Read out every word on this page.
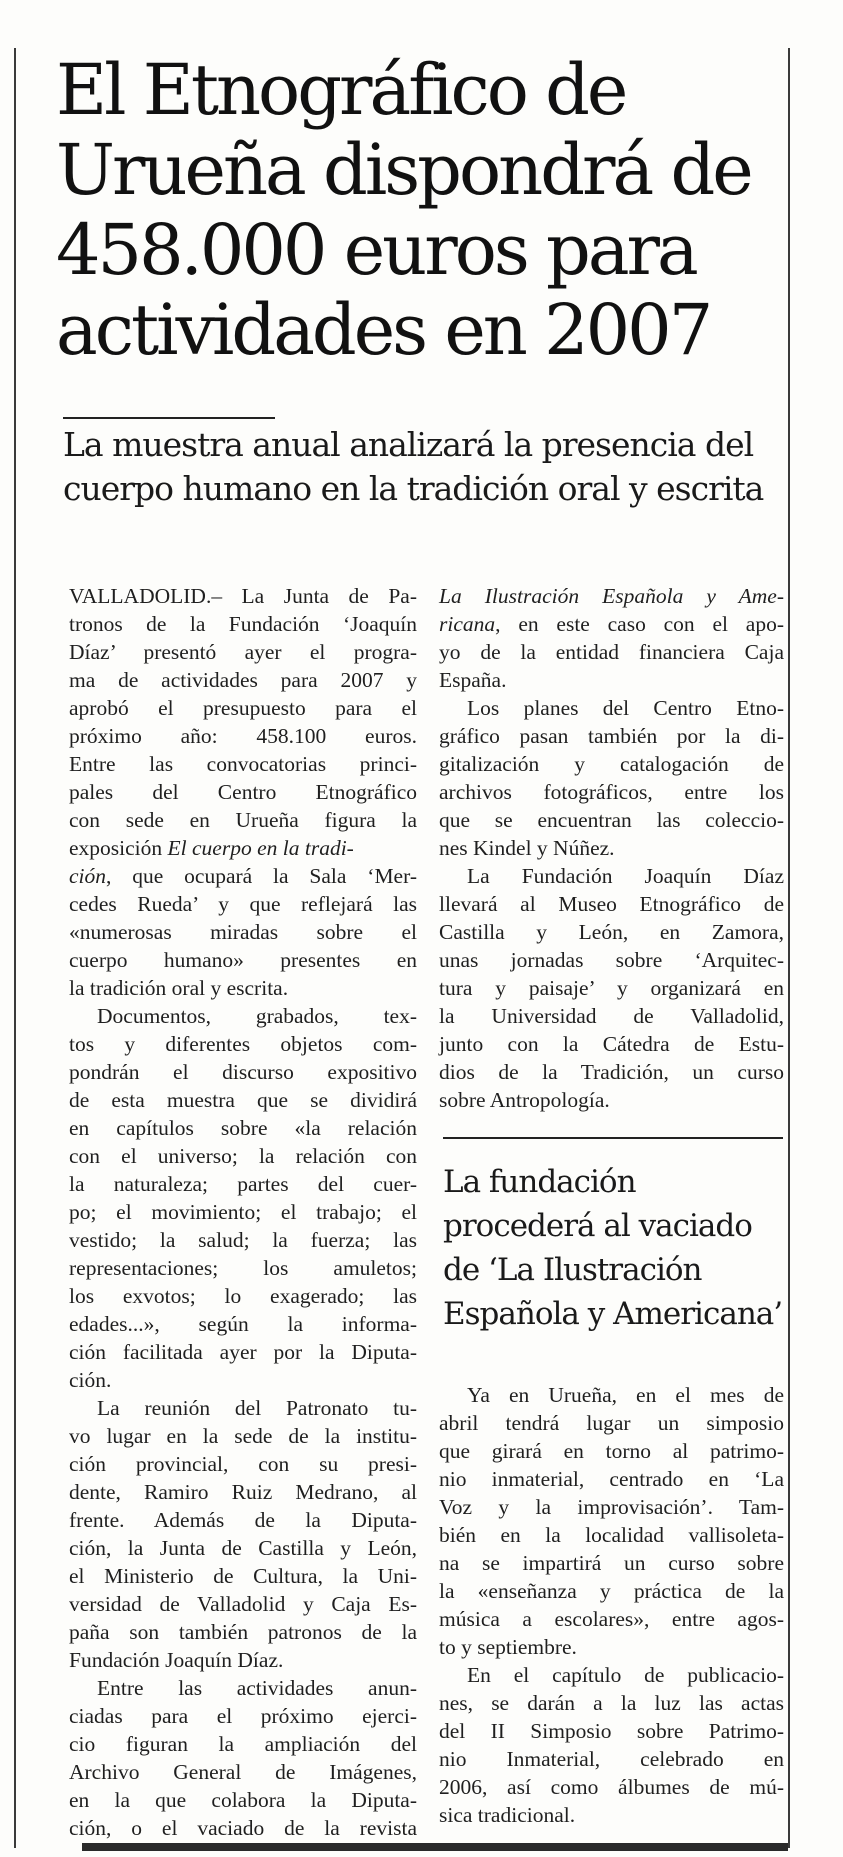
El Etnográfico de
Urueña dispondrá de
458.000 euros para
actividades en 2007
La muestra anual analizará la presencia del
cuerpo humano en la tradición oral y escrita
VALLADOLID.– La Junta de Pa-
tronos de la Fundación ‘Joaquín
Díaz’ presentó ayer el progra-
ma de actividades para 2007 y
aprobó el presupuesto para el
próximo año: 458.100 euros.
Entre las convocatorias princi-
pales del Centro Etnográfico
con sede en Urueña figura la
exposición El cuerpo en la tradi-
ción, que ocupará la Sala ‘Mer-
cedes Rueda’ y que reflejará las
«numerosas miradas sobre el
cuerpo humano» presentes en
la tradición oral y escrita.
Documentos, grabados, tex-
tos y diferentes objetos com-
pondrán el discurso expositivo
de esta muestra que se dividirá
en capítulos sobre «la relación
con el universo; la relación con
la naturaleza; partes del cuer-
po; el movimiento; el trabajo; el
vestido; la salud; la fuerza; las
representaciones; los amuletos;
los exvotos; lo exagerado; las
edades...», según la informa-
ción facilitada ayer por la Diputa-
ción.
La reunión del Patronato tu-
vo lugar en la sede de la institu-
ción provincial, con su presi-
dente, Ramiro Ruiz Medrano, al
frente. Además de la Diputa-
ción, la Junta de Castilla y León,
el Ministerio de Cultura, la Uni-
versidad de Valladolid y Caja Es-
paña son también patronos de la
Fundación Joaquín Díaz.
Entre las actividades anun-
ciadas para el próximo ejerci-
cio figuran la ampliación del
Archivo General de Imágenes,
en la que colabora la Diputa-
ción, o el vaciado de la revista
La Ilustración Española y Ame-
ricana, en este caso con el apo-
yo de la entidad financiera Caja
España.
Los planes del Centro Etno-
gráfico pasan también por la di-
gitalización y catalogación de
archivos fotográficos, entre los
que se encuentran las coleccio-
nes Kindel y Núñez.
La Fundación Joaquín Díaz
llevará al Museo Etnográfico de
Castilla y León, en Zamora,
unas jornadas sobre ‘Arquitec-
tura y paisaje’ y organizará en
la Universidad de Valladolid,
junto con la Cátedra de Estu-
dios de la Tradición, un curso
sobre Antropología.
La fundación
procederá al vaciado
de ‘La Ilustración
Española y Americana’
Ya en Urueña, en el mes de
abril tendrá lugar un simposio
que girará en torno al patrimo-
nio inmaterial, centrado en ‘La
Voz y la improvisación’. Tam-
bién en la localidad vallisoleta-
na se impartirá un curso sobre
la «enseñanza y práctica de la
música a escolares», entre agos-
to y septiembre.
En el capítulo de publicacio-
nes, se darán a la luz las actas
del II Simposio sobre Patrimo-
nio Inmaterial, celebrado en
2006, así como álbumes de mú-
sica tradicional.
